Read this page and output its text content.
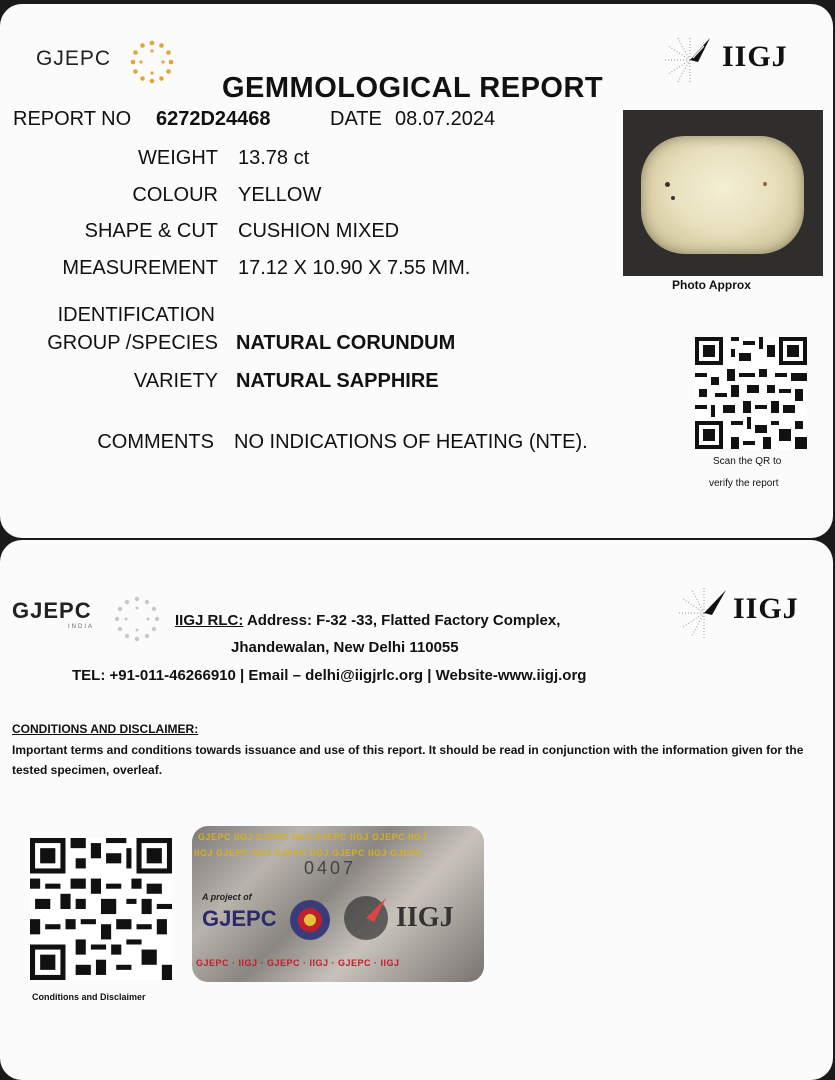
GJEPC	IIGJ
GEMMOLOGICAL REPORT
REPORT NO 6272D24468	DATE 08.07.2024
WEIGHT 13.78 ct
COLOUR YELLOW
SHAPE & CUT CUSHION MIXED
MEASUREMENT 17.12 X 10.90 X 7.55 MM.
IDENTIFICATION
GROUP /SPECIES NATURAL CORUNDUM
VARIETY NATURAL SAPPHIRE
COMMENTS NO INDICATIONS OF HEATING (NTE).
Photo Approx
Scan the QR to
verify the report
GJEPC
INDIA
IIGJ
IIGJ RLC: Address: F-32 -33, Flatted Factory Complex,
Jhandewalan, New Delhi 110055
TEL: +91-011-46266910 | Email – delhi@iigjrlc.org | Website-www.iigj.org
CONDITIONS AND DISCLAIMER:
Important terms and conditions towards issuance and use of this report. It should be read in conjunction with the information given for the tested specimen, overleaf.
Conditions and Disclaimer
GJEPC IIGJ GJEPC IIGJ GJEPC IIGJ GJEPC IIGJ
IIGJ GJEPC IIGJ GJEPC IIGJ GJEPC IIGJ GJEPC
0407
A project of
GJEPC	IIGJ
GJEPC · IIGJ · GJEPC · IIGJ · GJEPC · IIGJ
